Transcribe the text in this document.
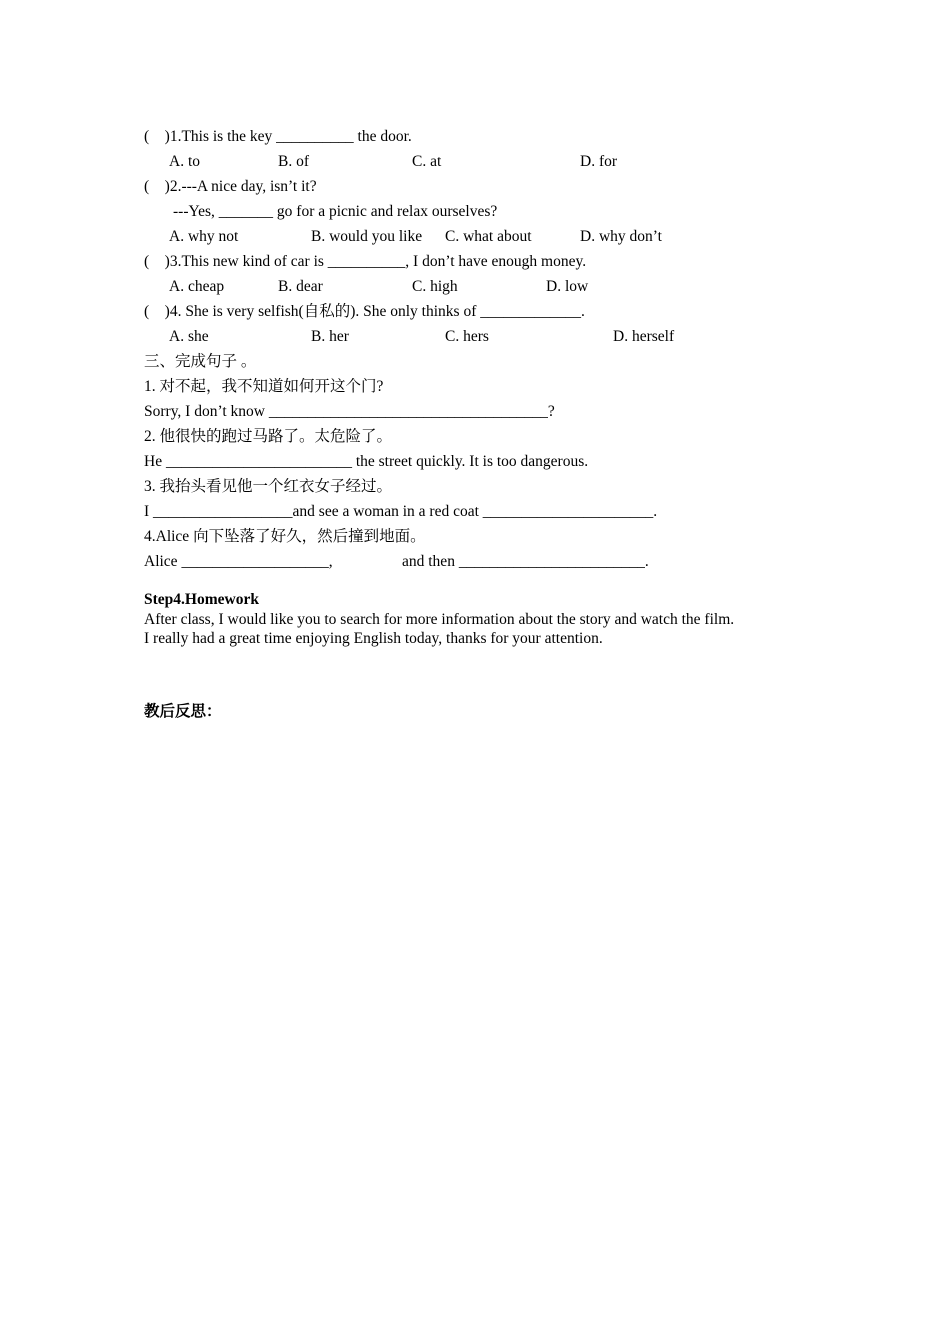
(    )1.This is the key __________ the door.
A. to	B. of	C. at	D. for
(    )2.---A nice day, isn’t it?
---Yes, _______ go for a picnic and relax ourselves?
A. why not	B. would you like C. what about	D. why don’t
(    )3.This new kind of car is __________, I don’t have enough money.
A. cheap	B. dear	C. high	D. low
(    )4. She is very selfish(自私的). She only thinks of _____________.
A. she	B. her	C. hers	D. herself
三、完成句子 。
1. 对不起，我不知道如何开这个门?
Sorry, I don’t know ____________________________________?
2. 他很快的跑过马路了。太危险了。
He ________________________ the street quickly. It is too dangerous.
3. 我抬头看见他一个红衣女子经过。
I __________________and see a woman in a red coat ______________________.
4.Alice 向下坠落了好久，然后撞到地面。
Alice ___________________,	and then ________________________.
Step4.Homework
After class, I would like you to search for more information about the story and watch the film.
I really had a great time enjoying English today, thanks for your attention.
教后反思：
